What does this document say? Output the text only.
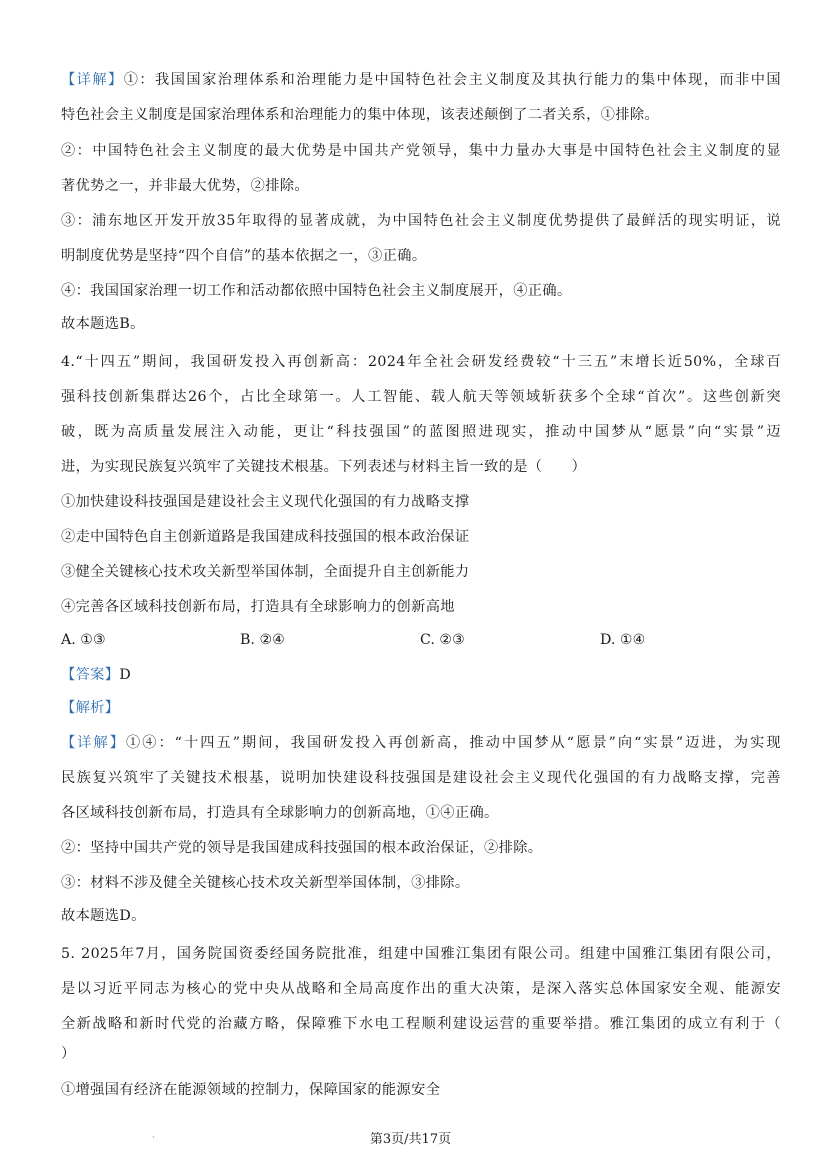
【详解】①：我国国家治理体系和治理能力是中国特色社会主义制度及其执行能力的集中体现，而非中国
特色社会主义制度是国家治理体系和治理能力的集中体现，该表述颠倒了二者关系，①排除。
②：中国特色社会主义制度的最大优势是中国共产党领导，集中力量办大事是中国特色社会主义制度的显
著优势之一，并非最大优势，②排除。
③：浦东地区开发开放35年取得的显著成就，为中国特色社会主义制度优势提供了最鲜活的现实明证，说
明制度优势是坚持“四个自信”的基本依据之一，③正确。
④：我国国家治理一切工作和活动都依照中国特色社会主义制度展开，④正确。
故本题选B。
4.“十四五”期间，我国研发投入再创新高：2024年全社会研发经费较“十三五”末增长近50%，全球百
强科技创新集群达26个，占比全球第一。人工智能、载人航天等领域斩获多个全球“首次”。这些创新突
破，既为高质量发展注入动能，更让“科技强国”的蓝图照进现实，推动中国梦从“愿景”向“实景”迈
进，为实现民族复兴筑牢了关键技术根基。下列表述与材料主旨一致的是（　　）
①加快建设科技强国是建设社会主义现代化强国的有力战略支撑
②走中国特色自主创新道路是我国建成科技强国的根本政治保证
③健全关键核心技术攻关新型举国体制，全面提升自主创新能力
④完善各区域科技创新布局，打造具有全球影响力的创新高地
A. ①③	B. ②④	C. ②③	D. ①④
【答案】D
【解析】
【详解】①④：“十四五”期间，我国研发投入再创新高，推动中国梦从“愿景”向“实景”迈进，为实现
民族复兴筑牢了关键技术根基，说明加快建设科技强国是建设社会主义现代化强国的有力战略支撑，完善
各区域科技创新布局，打造具有全球影响力的创新高地，①④正确。
②：坚持中国共产党的领导是我国建成科技强国的根本政治保证，②排除。
③：材料不涉及健全关键核心技术攻关新型举国体制，③排除。
故本题选D。
5. 2025年7月，国务院国资委经国务院批准，组建中国雅江集团有限公司。组建中国雅江集团有限公司，
是以习近平同志为核心的党中央从战略和全局高度作出的重大决策，是深入落实总体国家安全观、能源安
全新战略和新时代党的治藏方略，保障雅下水电工程顺利建设运营的重要举措。雅江集团的成立有利于（
）
①增强国有经济在能源领域的控制力，保障国家的能源安全
·	第3页/共17页
